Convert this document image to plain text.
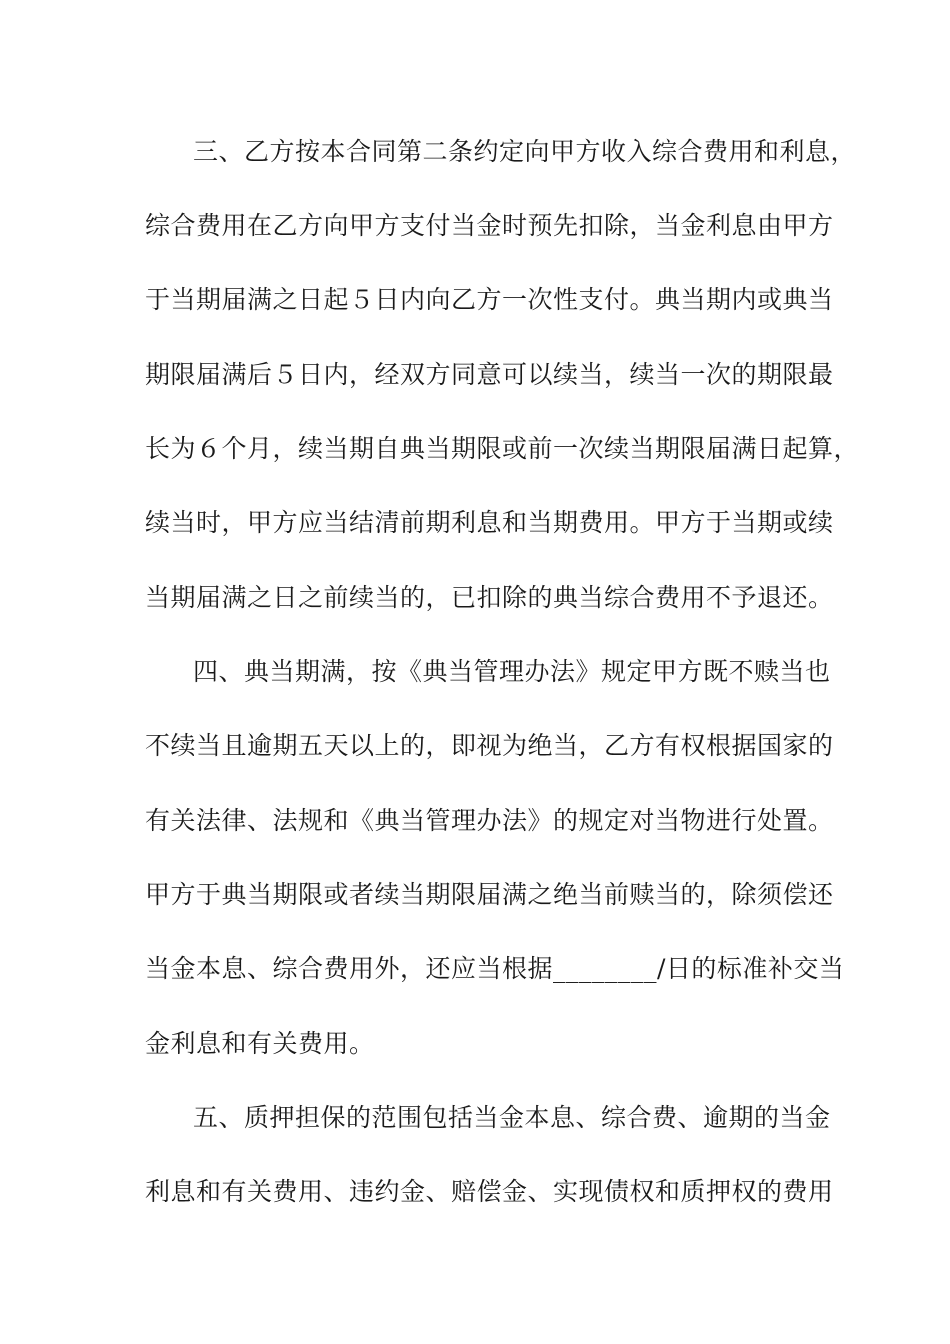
三、乙方按本合同第二条约定向甲方收入综合费用和利息，
综合费用在乙方向甲方支付当金时预先扣除，当金利息由甲方
于当期届满之日起５日内向乙方一次性支付。典当期内或典当
期限届满后５日内，经双方同意可以续当，续当一次的期限最
长为６个月，续当期自典当期限或前一次续当期限届满日起算，
续当时，甲方应当结清前期利息和当期费用。甲方于当期或续
当期届满之日之前续当的，已扣除的典当综合费用不予退还。
四、典当期满，按《典当管理办法》规定甲方既不赎当也
不续当且逾期五天以上的，即视为绝当，乙方有权根据国家的
有关法律、法规和《典当管理办法》的规定对当物进行处置。
甲方于典当期限或者续当期限届满之绝当前赎当的，除须偿还
当金本息、综合费用外，还应当根据________/日的标准补交当
金利息和有关费用。
五、质押担保的范围包括当金本息、综合费、逾期的当金
利息和有关费用、违约金、赔偿金、实现债权和质押权的费用
